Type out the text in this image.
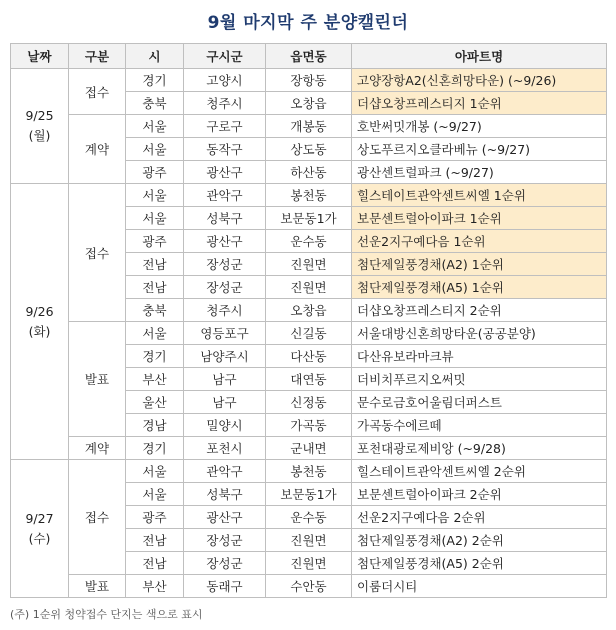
9월 마지막 주 분양캘린더
날짜	구분	시	구시군	읍면동	아파트명

9/25
(월)	접수	경기	고양시	장항동	고양장항A2(신혼희망타운) (~9/26)
		충북	청주시	오창읍	더샵오창프레스티지 1순위
	계약	서울	구로구	개봉동	호반써밋개봉 (~9/27)
		서울	동작구	상도동	상도푸르지오클라베뉴 (~9/27)
		광주	광산구	하산동	광산센트럴파크 (~9/27)

9/26
(화)	접수	서울	관악구	봉천동	힐스테이트관악센트씨엘 1순위
		서울	성북구	보문동1가	보문센트럴아이파크 1순위
		광주	광산구	운수동	선운2지구예다음 1순위
		전남	장성군	진원면	첨단제일풍경채(A2) 1순위
		전남	장성군	진원면	첨단제일풍경채(A5) 1순위
		충북	청주시	오창읍	더샵오창프레스티지 2순위
	발표	서울	영등포구	신길동	서울대방신혼희망타운(공공분양)
		경기	남양주시	다산동	다산유보라마크뷰
		부산	남구	대연동	더비치푸르지오써밋
		울산	남구	신정동	문수로금호어울림더퍼스트
		경남	밀양시	가곡동	가곡동수에르떼
	계약	경기	포천시	군내면	포천대광로제비앙 (~9/28)

9/27
(수)	접수	서울	관악구	봉천동	힐스테이트관악센트씨엘 2순위
		서울	성북구	보문동1가	보문센트럴아이파크 2순위
		광주	광산구	운수동	선운2지구예다음 2순위
		전남	장성군	진원면	첨단제일풍경채(A2) 2순위
		전남	장성군	진원면	첨단제일풍경채(A5) 2순위
	발표	부산	동래구	수안동	이룸더시티
(주) 1순위 청약접수 단지는 색으로 표시
